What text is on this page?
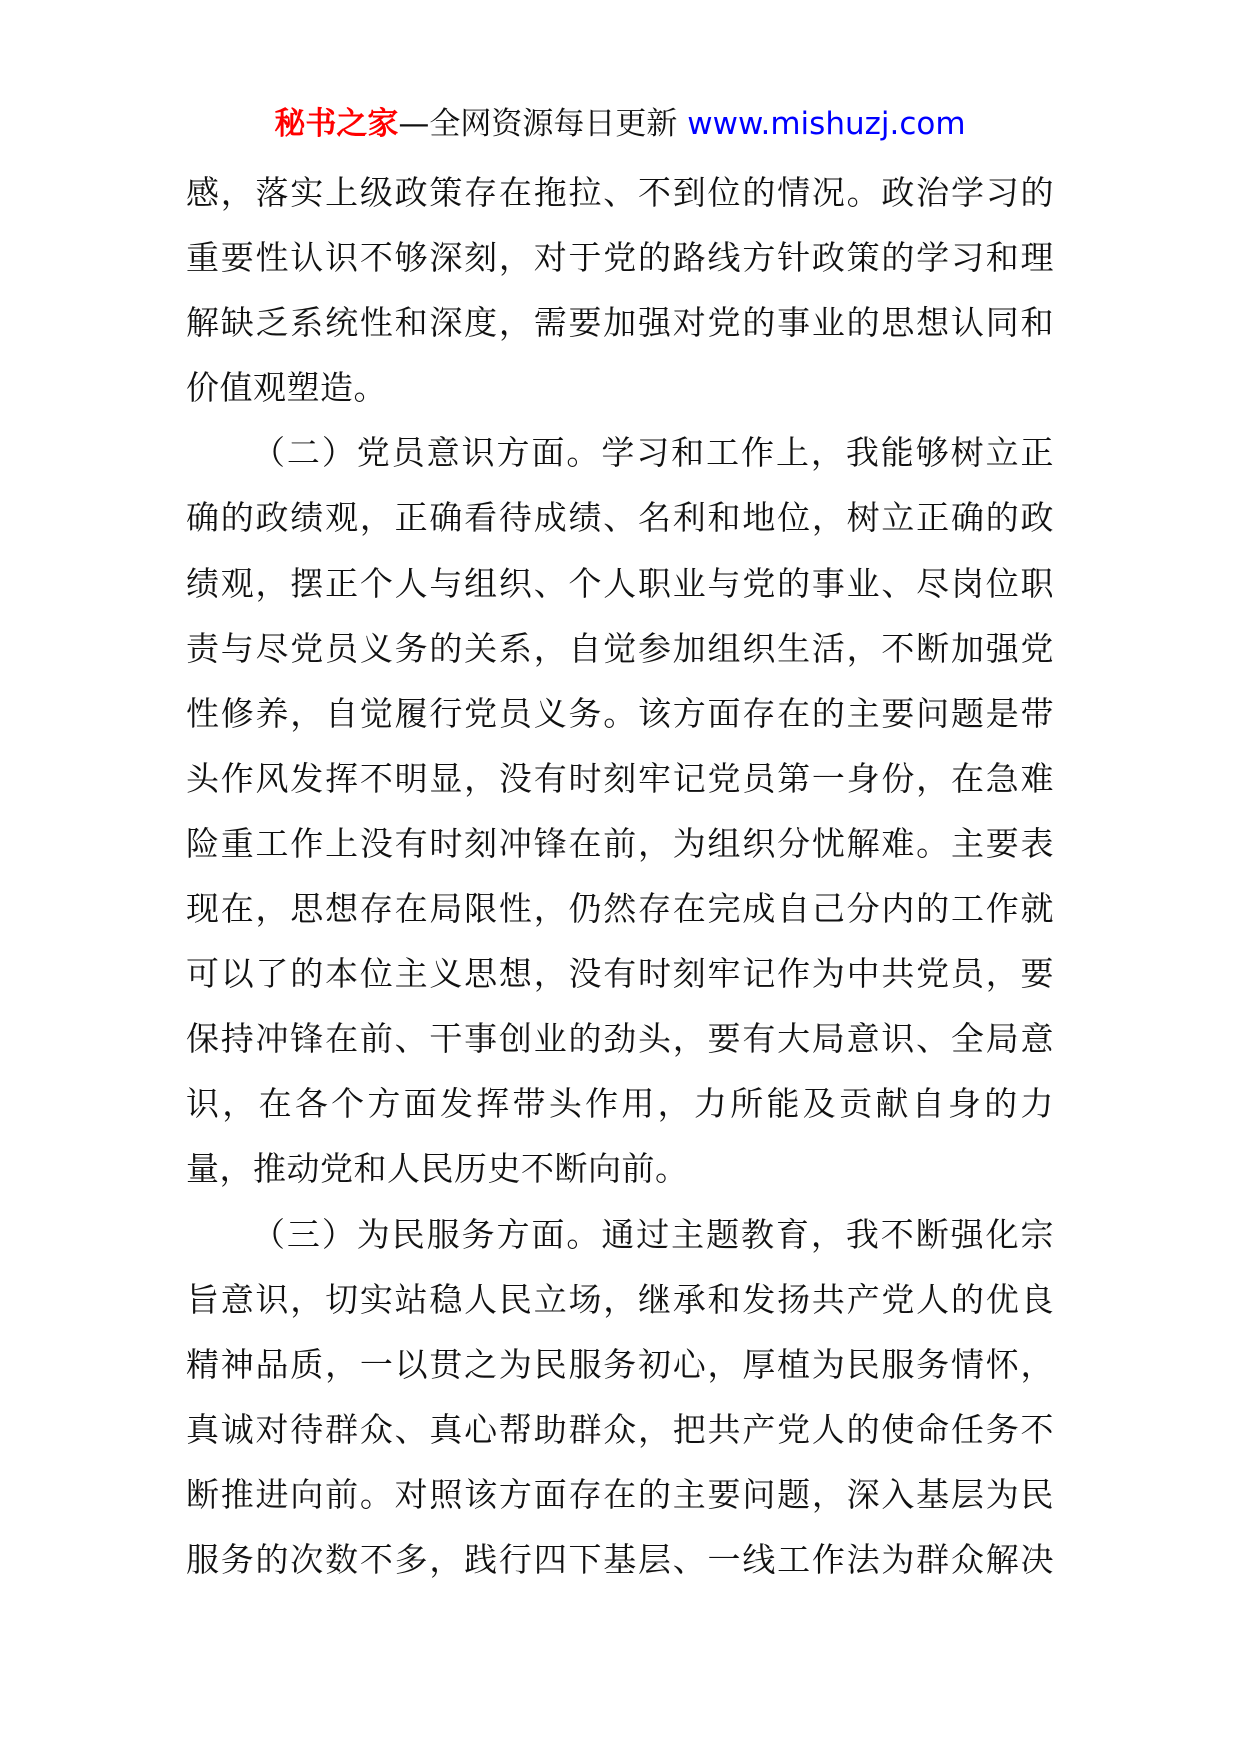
秘书之家—全网资源每日更新 www.mishuzj.com
感，落实上级政策存在拖拉、不到位的情况。政治学习的
重要性认识不够深刻，对于党的路线方针政策的学习和理
解缺乏系统性和深度，需要加强对党的事业的思想认同和
价值观塑造。
（二）党员意识方面。学习和工作上，我能够树立正
确的政绩观，正确看待成绩、名利和地位，树立正确的政
绩观，摆正个人与组织、个人职业与党的事业、尽岗位职
责与尽党员义务的关系，自觉参加组织生活，不断加强党
性修养，自觉履行党员义务。该方面存在的主要问题是带
头作风发挥不明显，没有时刻牢记党员第一身份，在急难
险重工作上没有时刻冲锋在前，为组织分忧解难。主要表
现在，思想存在局限性，仍然存在完成自己分内的工作就
可以了的本位主义思想，没有时刻牢记作为中共党员，要
保持冲锋在前、干事创业的劲头，要有大局意识、全局意
识，在各个方面发挥带头作用，力所能及贡献自身的力
量，推动党和人民历史不断向前。
（三）为民服务方面。通过主题教育，我不断强化宗
旨意识，切实站稳人民立场，继承和发扬共产党人的优良
精神品质，一以贯之为民服务初心，厚植为民服务情怀，
真诚对待群众、真心帮助群众，把共产党人的使命任务不
断推进向前。对照该方面存在的主要问题，深入基层为民
服务的次数不多，践行四下基层、一线工作法为群众解决
